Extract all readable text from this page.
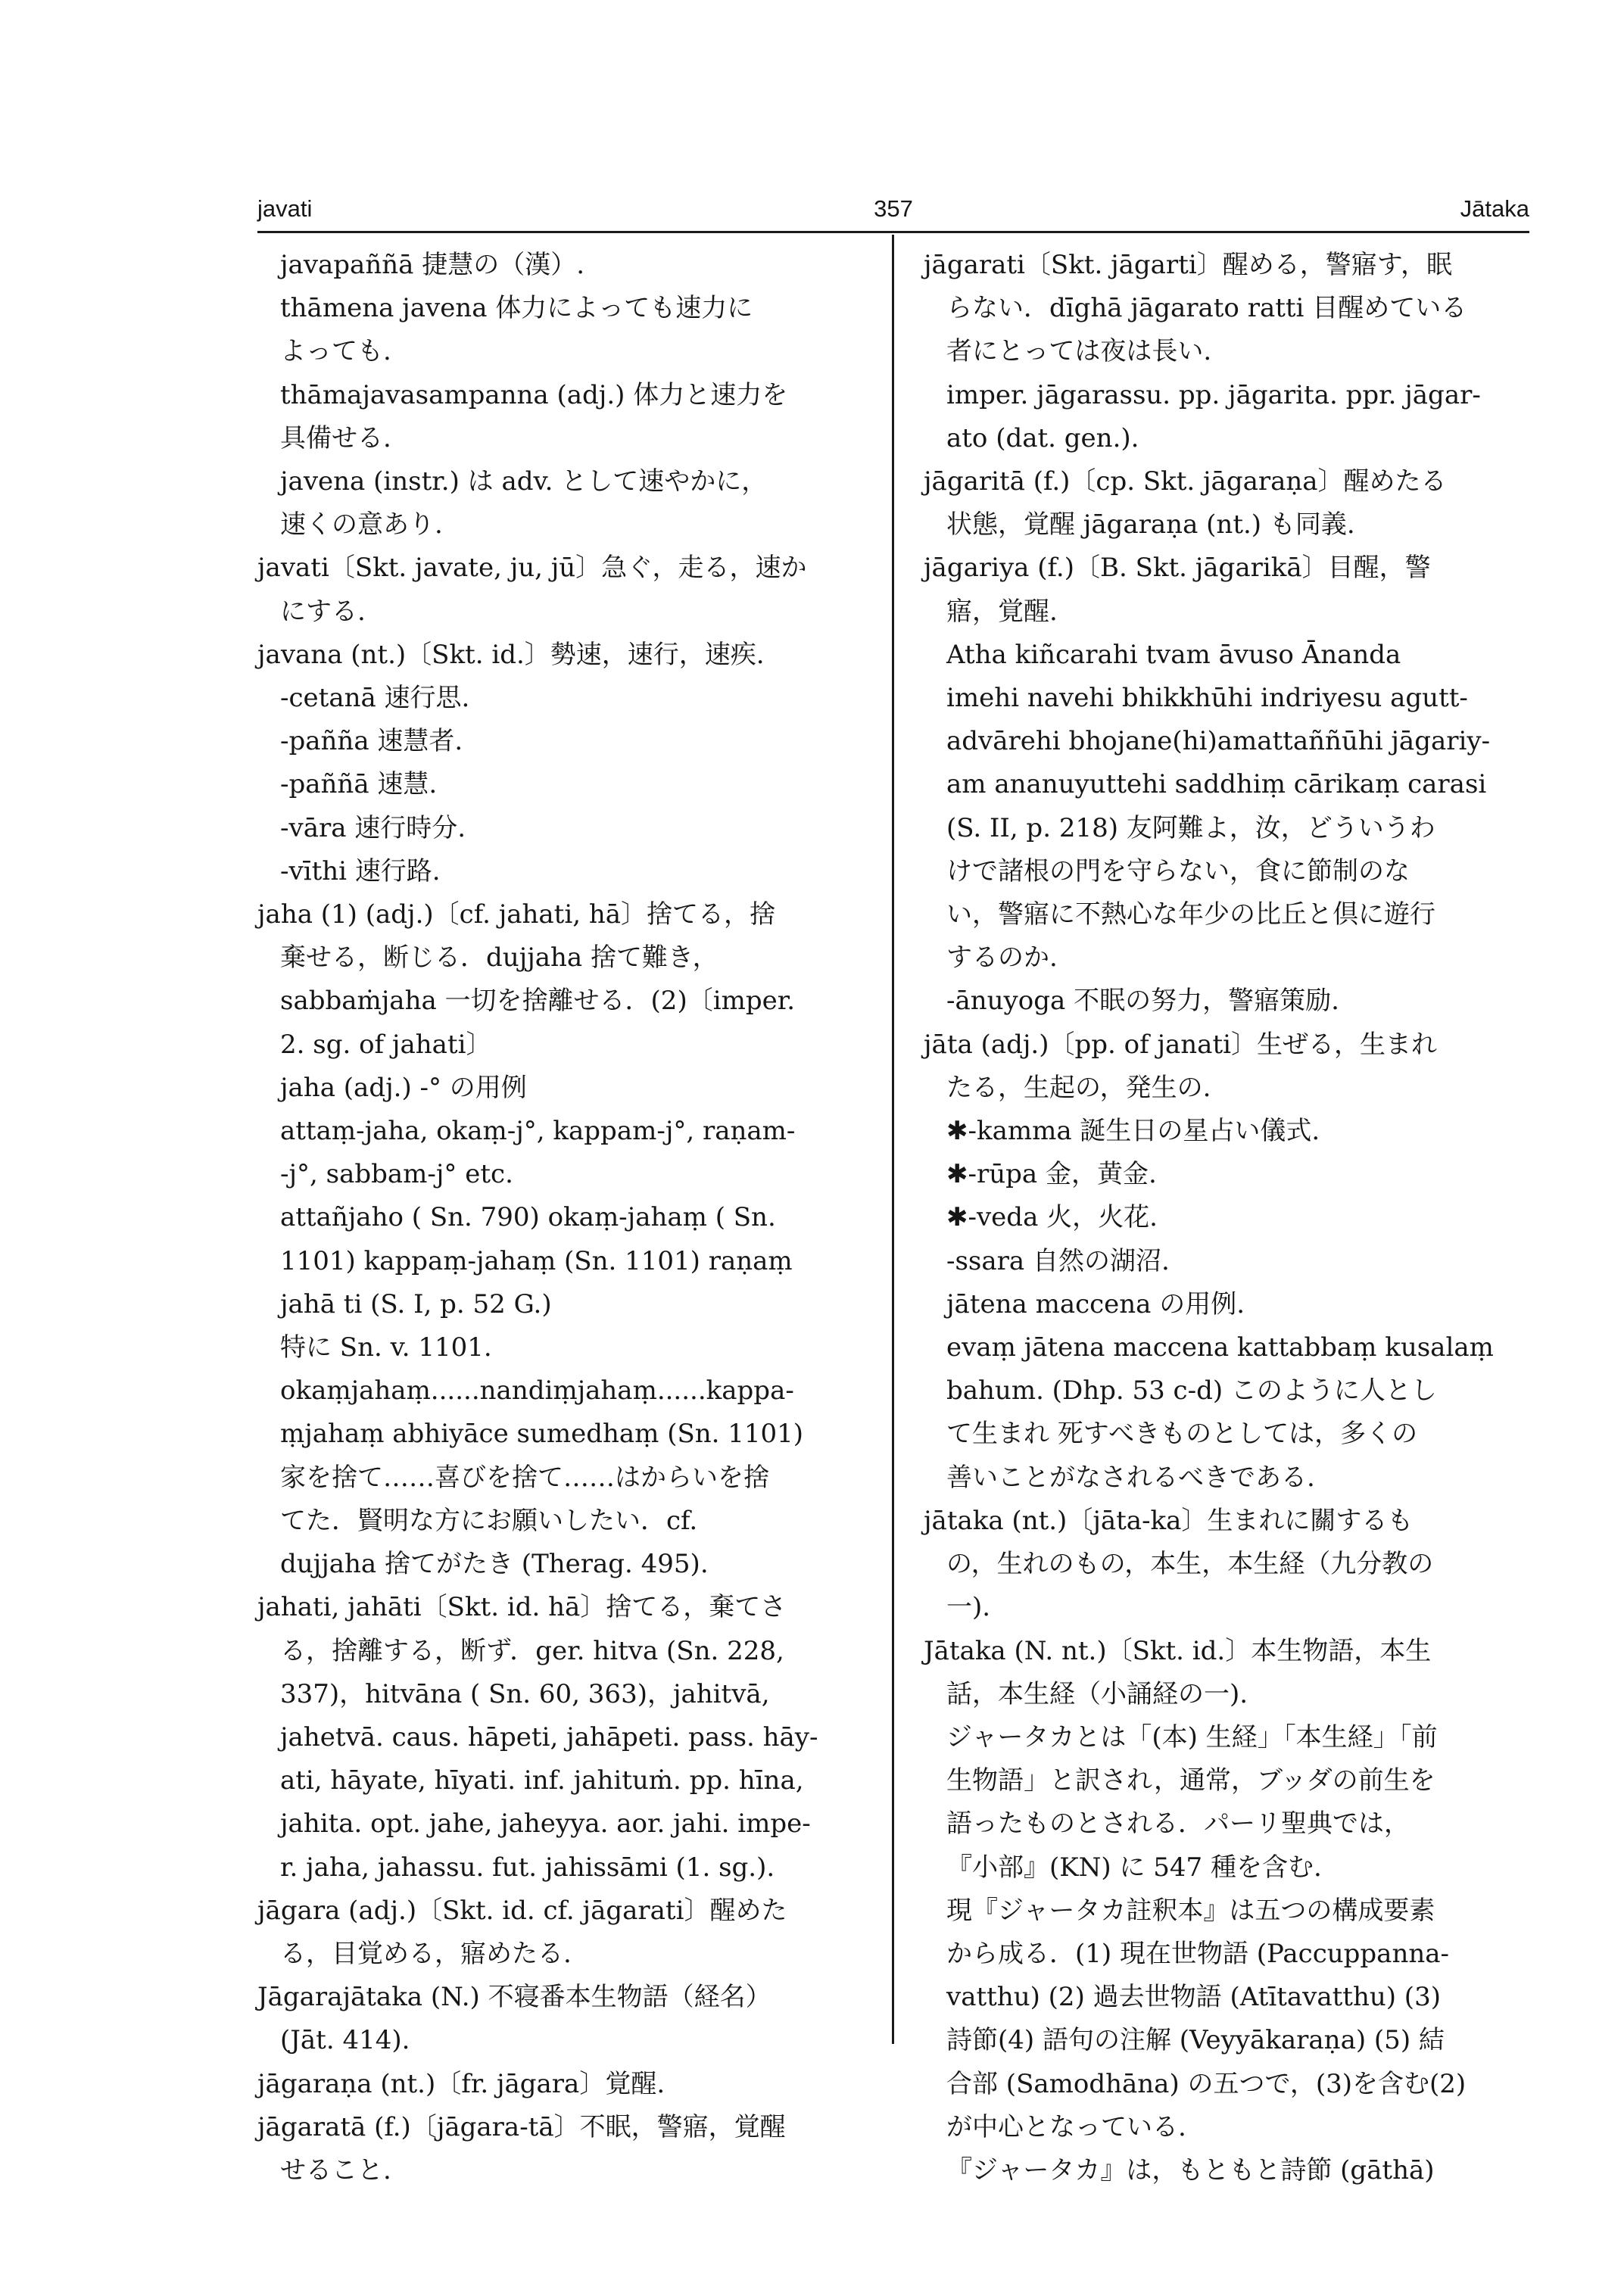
javati	357	Jātaka

javapaññā 捷慧の（漢）.

thāmena javena 体力によっても速力に

よっても.

thāmajavasampanna (adj.) 体力と速力を

具備せる.

javena (instr.) は adv. として速やかに，

速くの意あり.

javati〔Skt. javate, ju, jū〕急ぐ，走る，速か

にする.

javana (nt.)〔Skt. id.〕勢速，速行，速疾.

-cetanā 速行思.

-pañña 速慧者.

-paññā 速慧.

-vāra 速行時分.

-vīthi 速行路.

jaha (1) (adj.)〔cf. jahati, hā〕捨てる，捨

棄せる，断じる．dujjaha 捨て難き，

sabbaṁjaha 一切を捨離せる．(2)〔imper.

2. sg. of jahati〕

jaha (adj.) -° の用例

attaṃ-jaha, okaṃ-j°, kappam-j°, raṇam-

-j°, sabbam-j° etc.

attañjaho ( Sn. 790) okaṃ-jahaṃ ( Sn.

1101) kappaṃ-jahaṃ (Sn. 1101) raṇaṃ

jahā ti (S. I, p. 52 G.)

特に Sn. v. 1101.

okaṃjahaṃ......nandiṃjahaṃ......kappa-

ṃjahaṃ abhiyāce sumedhaṃ (Sn. 1101)

家を捨て……喜びを捨て……はからいを捨

てた．賢明な方にお願いしたい．cf.

dujjaha 捨てがたき (Therag. 495).

jahati, jahāti〔Skt. id. hā〕捨てる，棄てさ

る，捨離する，断ず．ger. hitva (Sn. 228,

337)，hitvāna ( Sn. 60, 363)，jahitvā,

jahetvā. caus. hāpeti, jahāpeti. pass. hāy-

ati, hāyate, hīyati. inf. jahituṁ. pp. hīna,

jahita. opt. jahe, jaheyya. aor. jahi. impe-

r. jaha, jahassu. fut. jahissāmi (1. sg.).

jāgara (adj.)〔Skt. id. cf. jāgarati〕醒めた

る，目覚める，寤めたる.

Jāgarajātaka (N.) 不寝番本生物語（経名）

(Jāt. 414).

jāgaraṇa (nt.)〔fr. jāgara〕覚醒.

jāgaratā (f.)〔jāgara-tā〕不眠，警寤，覚醒

せること.

jāgarati〔Skt. jāgarti〕醒める，警寤す，眠

らない．dīghā jāgarato ratti 目醒めている

者にとっては夜は長い.

imper. jāgarassu. pp. jāgarita. ppr. jāgar-

ato (dat. gen.).

jāgaritā (f.)〔cp. Skt. jāgaraṇa〕醒めたる

状態，覚醒 jāgaraṇa (nt.) も同義.

jāgariya (f.)〔B. Skt. jāgarikā〕目醒，警

寤，覚醒.

Atha kiñcarahi tvam āvuso Ānanda

imehi navehi bhikkhūhi indriyesu agutt-

advārehi bhojane(hi)amattaññūhi jāgariy-

am ananuyuttehi saddhiṃ cārikaṃ carasi

(S. II, p. 218) 友阿難よ，汝，どういうわ

けで諸根の門を守らない，食に節制のな

い，警寤に不熱心な年少の比丘と倶に遊行

するのか.

-ānuyoga 不眠の努力，警寤策励.

jāta (adj.)〔pp. of janati〕生ぜる，生まれ

たる，生起の，発生の.

✱-kamma 誕生日の星占い儀式.

✱-rūpa 金，黄金.

✱-veda 火，火花.

-ssara 自然の湖沼.

jātena maccena の用例.

evaṃ jātena maccena kattabbaṃ kusalaṃ

bahum. (Dhp. 53 c-d) このように人とし

て生まれ 死すべきものとしては，多くの

善いことがなされるべきである.

jātaka (nt.)〔jāta-ka〕生まれに關するも

の，生れのもの，本生，本生経（九分教の

一).

Jātaka (N. nt.)〔Skt. id.〕本生物語，本生

話，本生経（小誦経の一).

ジャータカとは「(本) 生経」「本生経」「前

生物語」と訳され，通常，ブッダの前生を

語ったものとされる．パーリ聖典では，

『小部』(KN) に 547 種を含む.

現『ジャータカ註釈本』は五つの構成要素

から成る．(1) 現在世物語 (Paccuppanna-

vatthu) (2) 過去世物語 (Atītavatthu) (3)

詩節(4) 語句の注解 (Veyyākaraṇa) (5) 結

合部 (Samodhāna) の五つで，(3)を含む(2)

が中心となっている.

『ジャータカ』は，もともと詩節 (gāthā)
